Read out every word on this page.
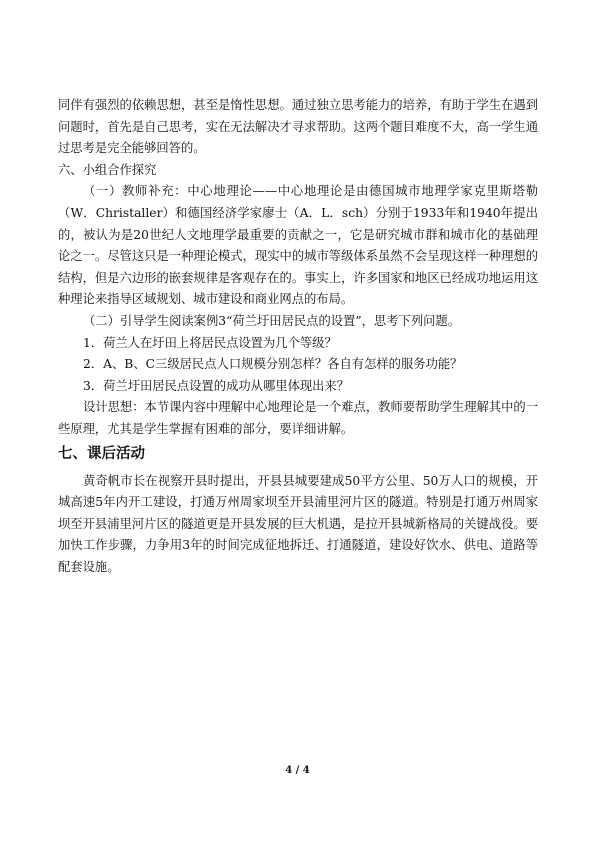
同伴有强烈的依赖思想，甚至是惰性思想。通过独立思考能力的培养，有助于学生在遇到问题时，首先是自己思考，实在无法解决才寻求帮助。这两个题目难度不大，高一学生通过思考是完全能够回答的。

六、小组合作探究

（一）教师补充：中心地理论——中心地理论是由德国城市地理学家克里斯塔勒（W．Christaller）和德国经济学家廖士（A．L．sch）分别于1933年和1940年提出的，被认为是20世纪人文地理学最重要的贡献之一，它是研究城市群和城市化的基础理论之一。尽管这只是一种理论模式，现实中的城市等级体系虽然不会呈现这样一种理想的结构，但是六边形的嵌套规律是客观存在的。事实上，许多国家和地区已经成功地运用这种理论来指导区域规划、城市建设和商业网点的布局。

（二）引导学生阅读案例3“荷兰圩田居民点的设置”，思考下列问题。

1．荷兰人在圩田上将居民点设置为几个等级？

2．A、B、C三级居民点人口规模分别怎样？各自有怎样的服务功能？

3．荷兰圩田居民点设置的成功从哪里体现出来？

设计思想：本节课内容中理解中心地理论是一个难点，教师要帮助学生理解其中的一些原理，尤其是学生掌握有困难的部分，要详细讲解。

七、课后活动

黄奇帆市长在视察开县时提出，开县县城要建成50平方公里、50万人口的规模，开城高速5年内开工建设，打通万州周家坝至开县浦里河片区的隧道。特别是打通万州周家坝至开县浦里河片区的隧道更是开县发展的巨大机遇，是拉开县城新格局的关键战役。要加快工作步骤，力争用3年的时间完成征地拆迁、打通隧道，建设好饮水、供电、道路等配套设施。

4 / 4
